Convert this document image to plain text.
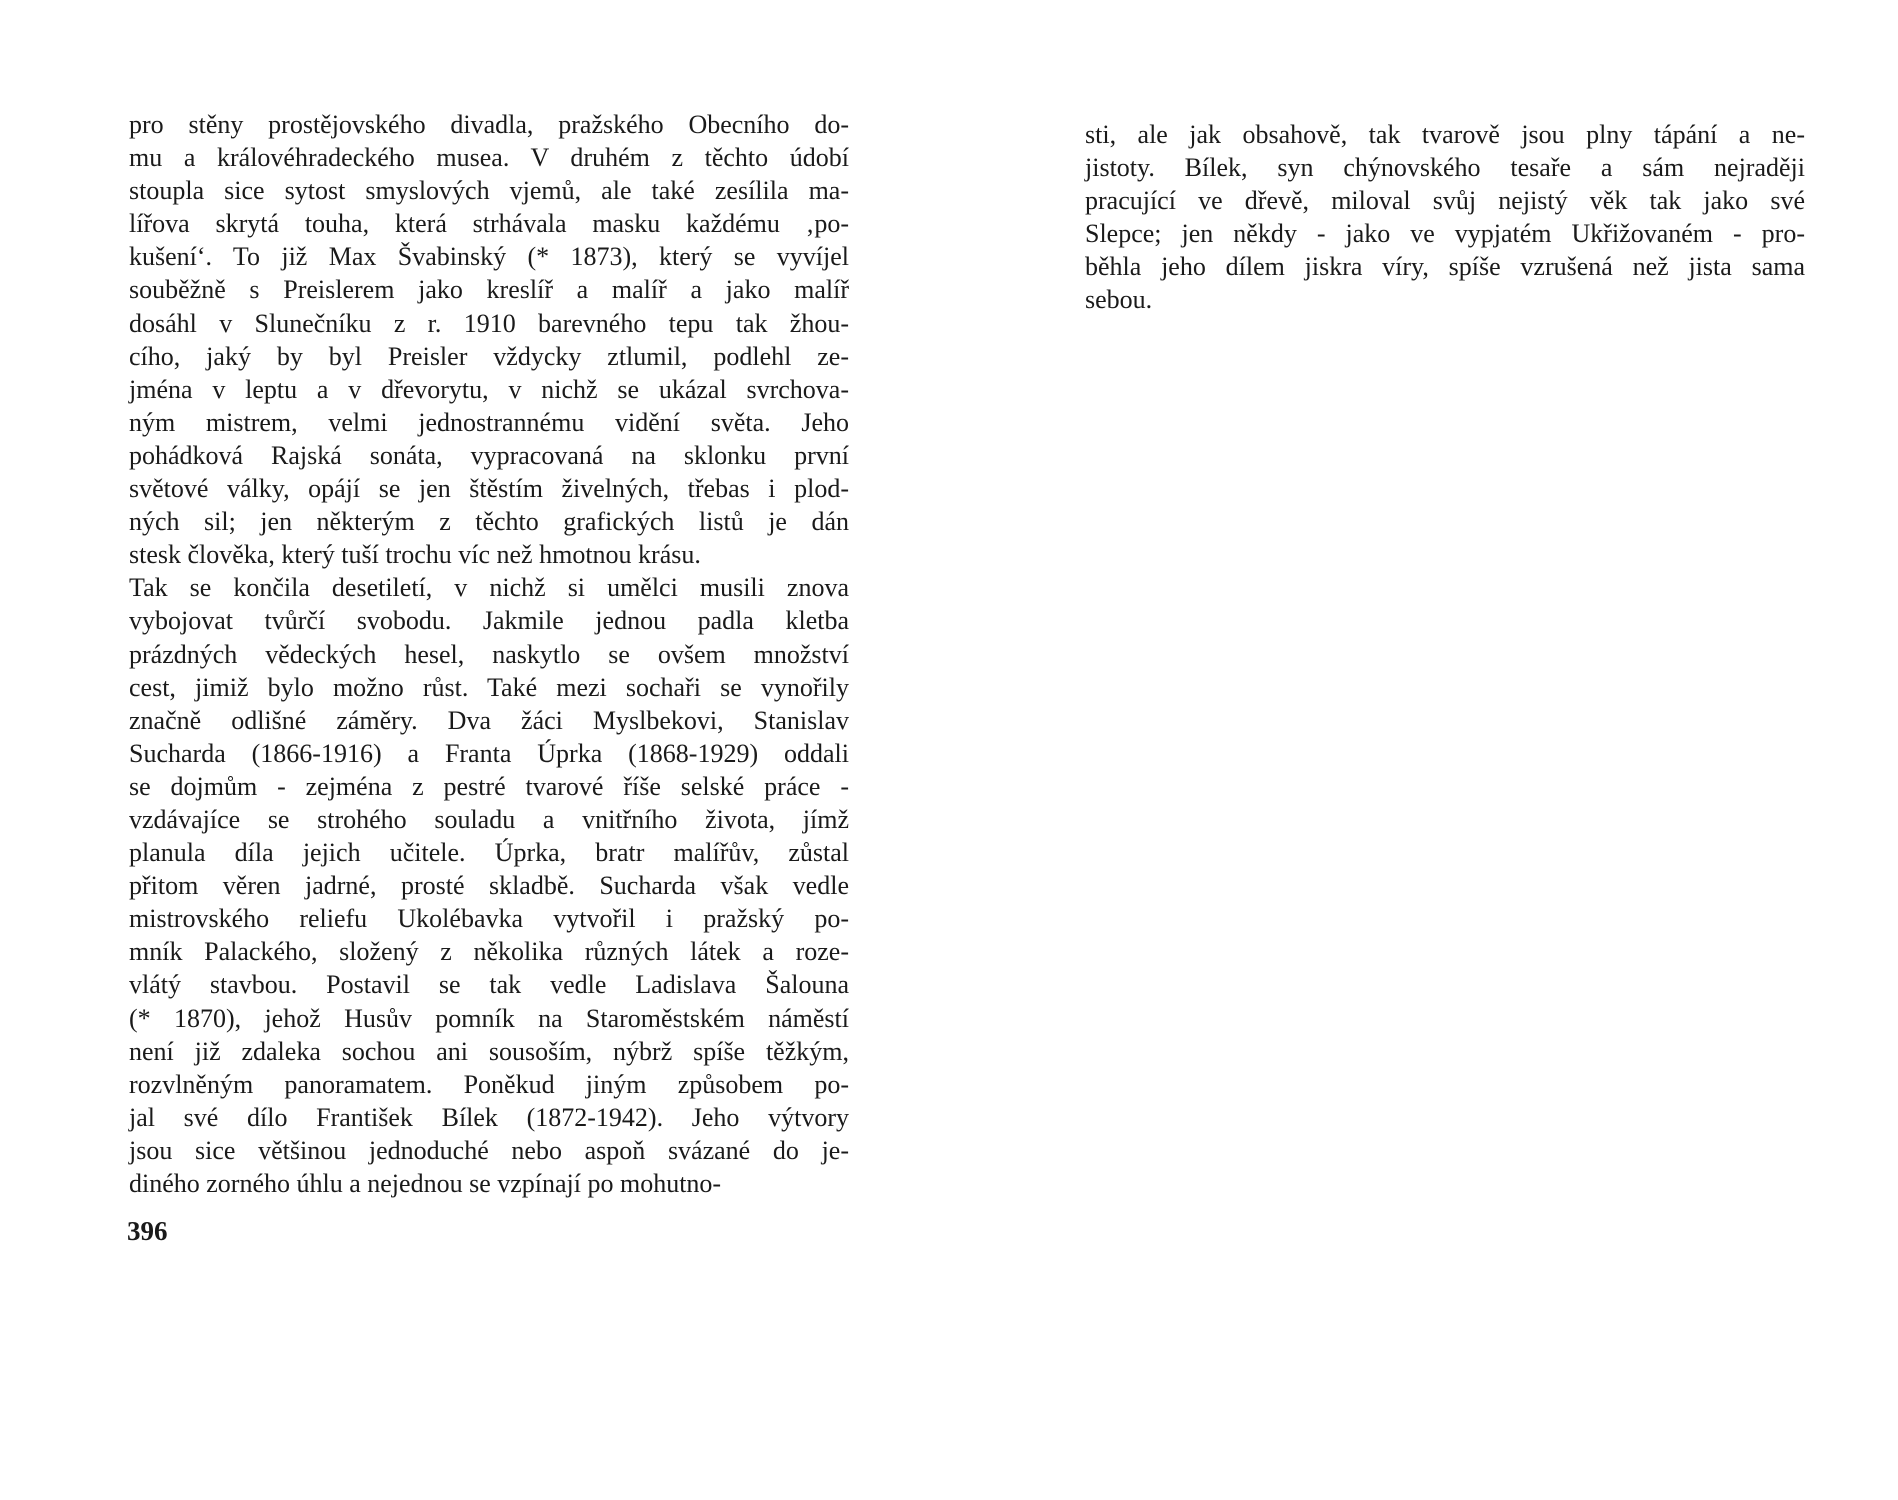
pro stěny prostějovského divadla, pražského Obecního do-
mu a královéhradeckého musea. V druhém z těchto údobí
stoupla sice sytost smyslových vjemů, ale také zesílila ma-
lířova skrytá touha, která strhávala masku každému ‚po-
kušení‘. To již Max Švabinský (* 1873), který se vyvíjel
souběžně s Preislerem jako kreslíř a malíř a jako malíř
dosáhl v Slunečníku z r. 1910 barevného tepu tak žhou-
cího, jaký by byl Preisler vždycky ztlumil, podlehl ze-
jména v leptu a v dřevorytu, v nichž se ukázal svrchova-
ným mistrem, velmi jednostrannému vidění světa. Jeho
pohádková Rajská sonáta, vypracovaná na sklonku první
světové války, opájí se jen štěstím živelných, třebas i plod-
ných sil; jen některým z těchto grafických listů je dán
stesk člověka, který tuší trochu víc než hmotnou krásu.
Tak se končila desetiletí, v nichž si umělci musili znova
vybojovat tvůrčí svobodu. Jakmile jednou padla kletba
prázdných vědeckých hesel, naskytlo se ovšem množství
cest, jimiž bylo možno růst. Také mezi sochaři se vynořily
značně odlišné záměry. Dva žáci Myslbekovi, Stanislav
Sucharda (1866-1916) a Franta Úprka (1868-1929) oddali
se dojmům - zejména z pestré tvarové říše selské práce -
vzdávajíce se strohého souladu a vnitřního života, jímž
planula díla jejich učitele. Úprka, bratr malířův, zůstal
přitom věren jadrné, prosté skladbě. Sucharda však vedle
mistrovského reliefu Ukolébavka vytvořil i pražský po-
mník Palackého, složený z několika různých látek a roze-
vlátý stavbou. Postavil se tak vedle Ladislava Šalouna
(* 1870), jehož Husův pomník na Staroměstském náměstí
není již zdaleka sochou ani sousoším, nýbrž spíše těžkým,
rozvlněným panoramatem. Poněkud jiným způsobem po-
jal své dílo František Bílek (1872-1942). Jeho výtvory
jsou sice většinou jednoduché nebo aspoň svázané do je-
diného zorného úhlu a nejednou se vzpínají po mohutno-
sti, ale jak obsahově, tak tvarově jsou plny tápání a ne-
jistoty. Bílek, syn chýnovského tesaře a sám nejraději
pracující ve dřevě, miloval svůj nejistý věk tak jako své
Slepce; jen někdy - jako ve vypjatém Ukřižovaném - pro-
běhla jeho dílem jiskra víry, spíše vzrušená než jista sama
sebou.
396
